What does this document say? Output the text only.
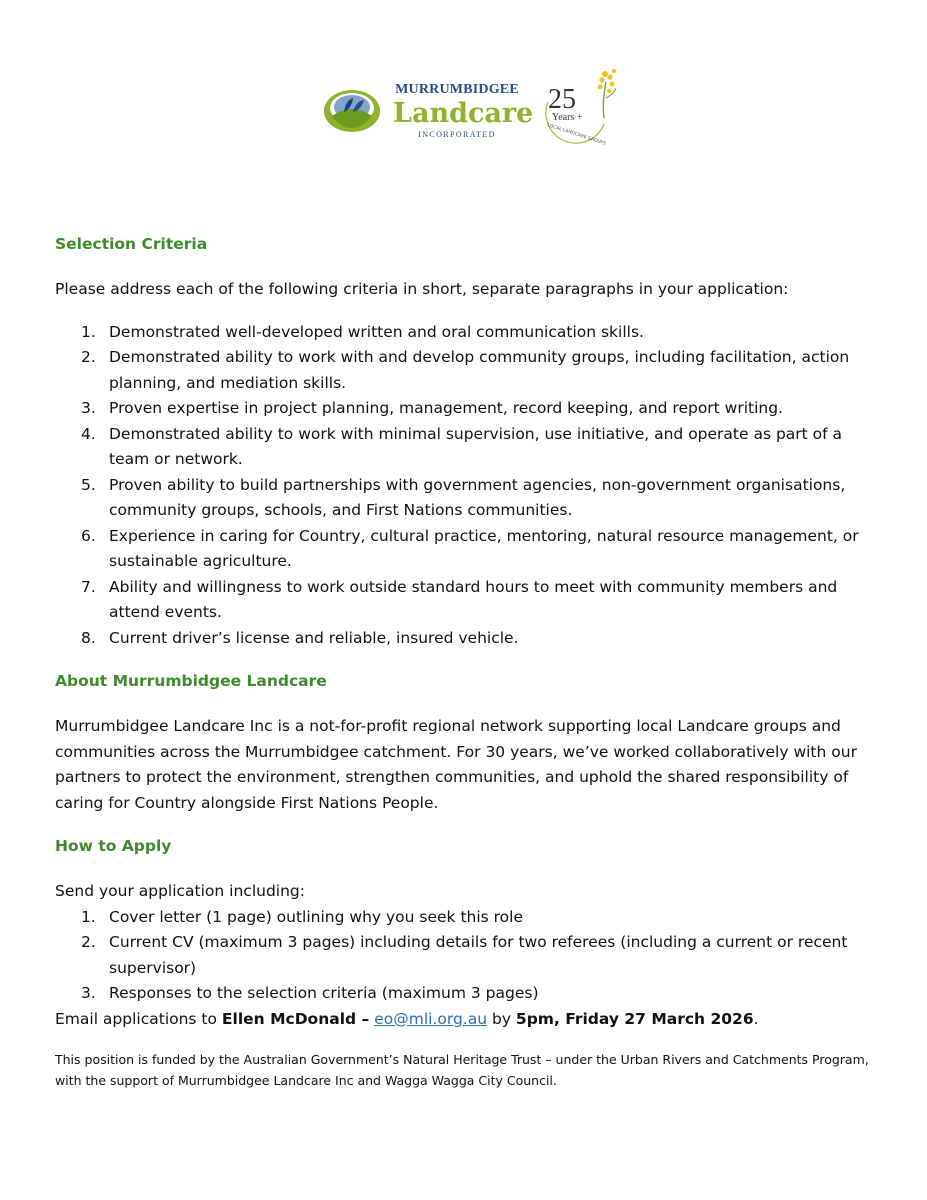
MURRUMBIDGEE
Landcare
INCORPORATED
25
Years +
LOCAL LANDCARE GROUPS
Selection Criteria

Please address each of the following criteria in short, separate paragraphs in your application:

1. Demonstrated well-developed written and oral communication skills.
2. Demonstrated ability to work with and develop community groups, including facilitation, action planning, and mediation skills.
3. Proven expertise in project planning, management, record keeping, and report writing.
4. Demonstrated ability to work with minimal supervision, use initiative, and operate as part of a team or network.
5. Proven ability to build partnerships with government agencies, non-government organisations, community groups, schools, and First Nations communities.
6. Experience in caring for Country, cultural practice, mentoring, natural resource management, or sustainable agriculture.
7. Ability and willingness to work outside standard hours to meet with community members and attend events.
8. Current driver’s license and reliable, insured vehicle.
About Murrumbidgee Landcare

Murrumbidgee Landcare Inc is a not-for-profit regional network supporting local Landcare groups and communities across the Murrumbidgee catchment. For 30 years, we’ve worked collaboratively with our partners to protect the environment, strengthen communities, and uphold the shared responsibility of caring for Country alongside First Nations People.

How to Apply

Send your application including:

1. Cover letter (1 page) outlining why you seek this role
2. Current CV (maximum 3 pages) including details for two referees (including a current or recent supervisor)
3. Responses to the selection criteria (maximum 3 pages)

Email applications to Ellen McDonald – eo@mli.org.au by 5pm, Friday 27 March 2026.

This position is funded by the Australian Government’s Natural Heritage Trust – under the Urban Rivers and Catchments Program, with the support of Murrumbidgee Landcare Inc and Wagga Wagga City Council.
